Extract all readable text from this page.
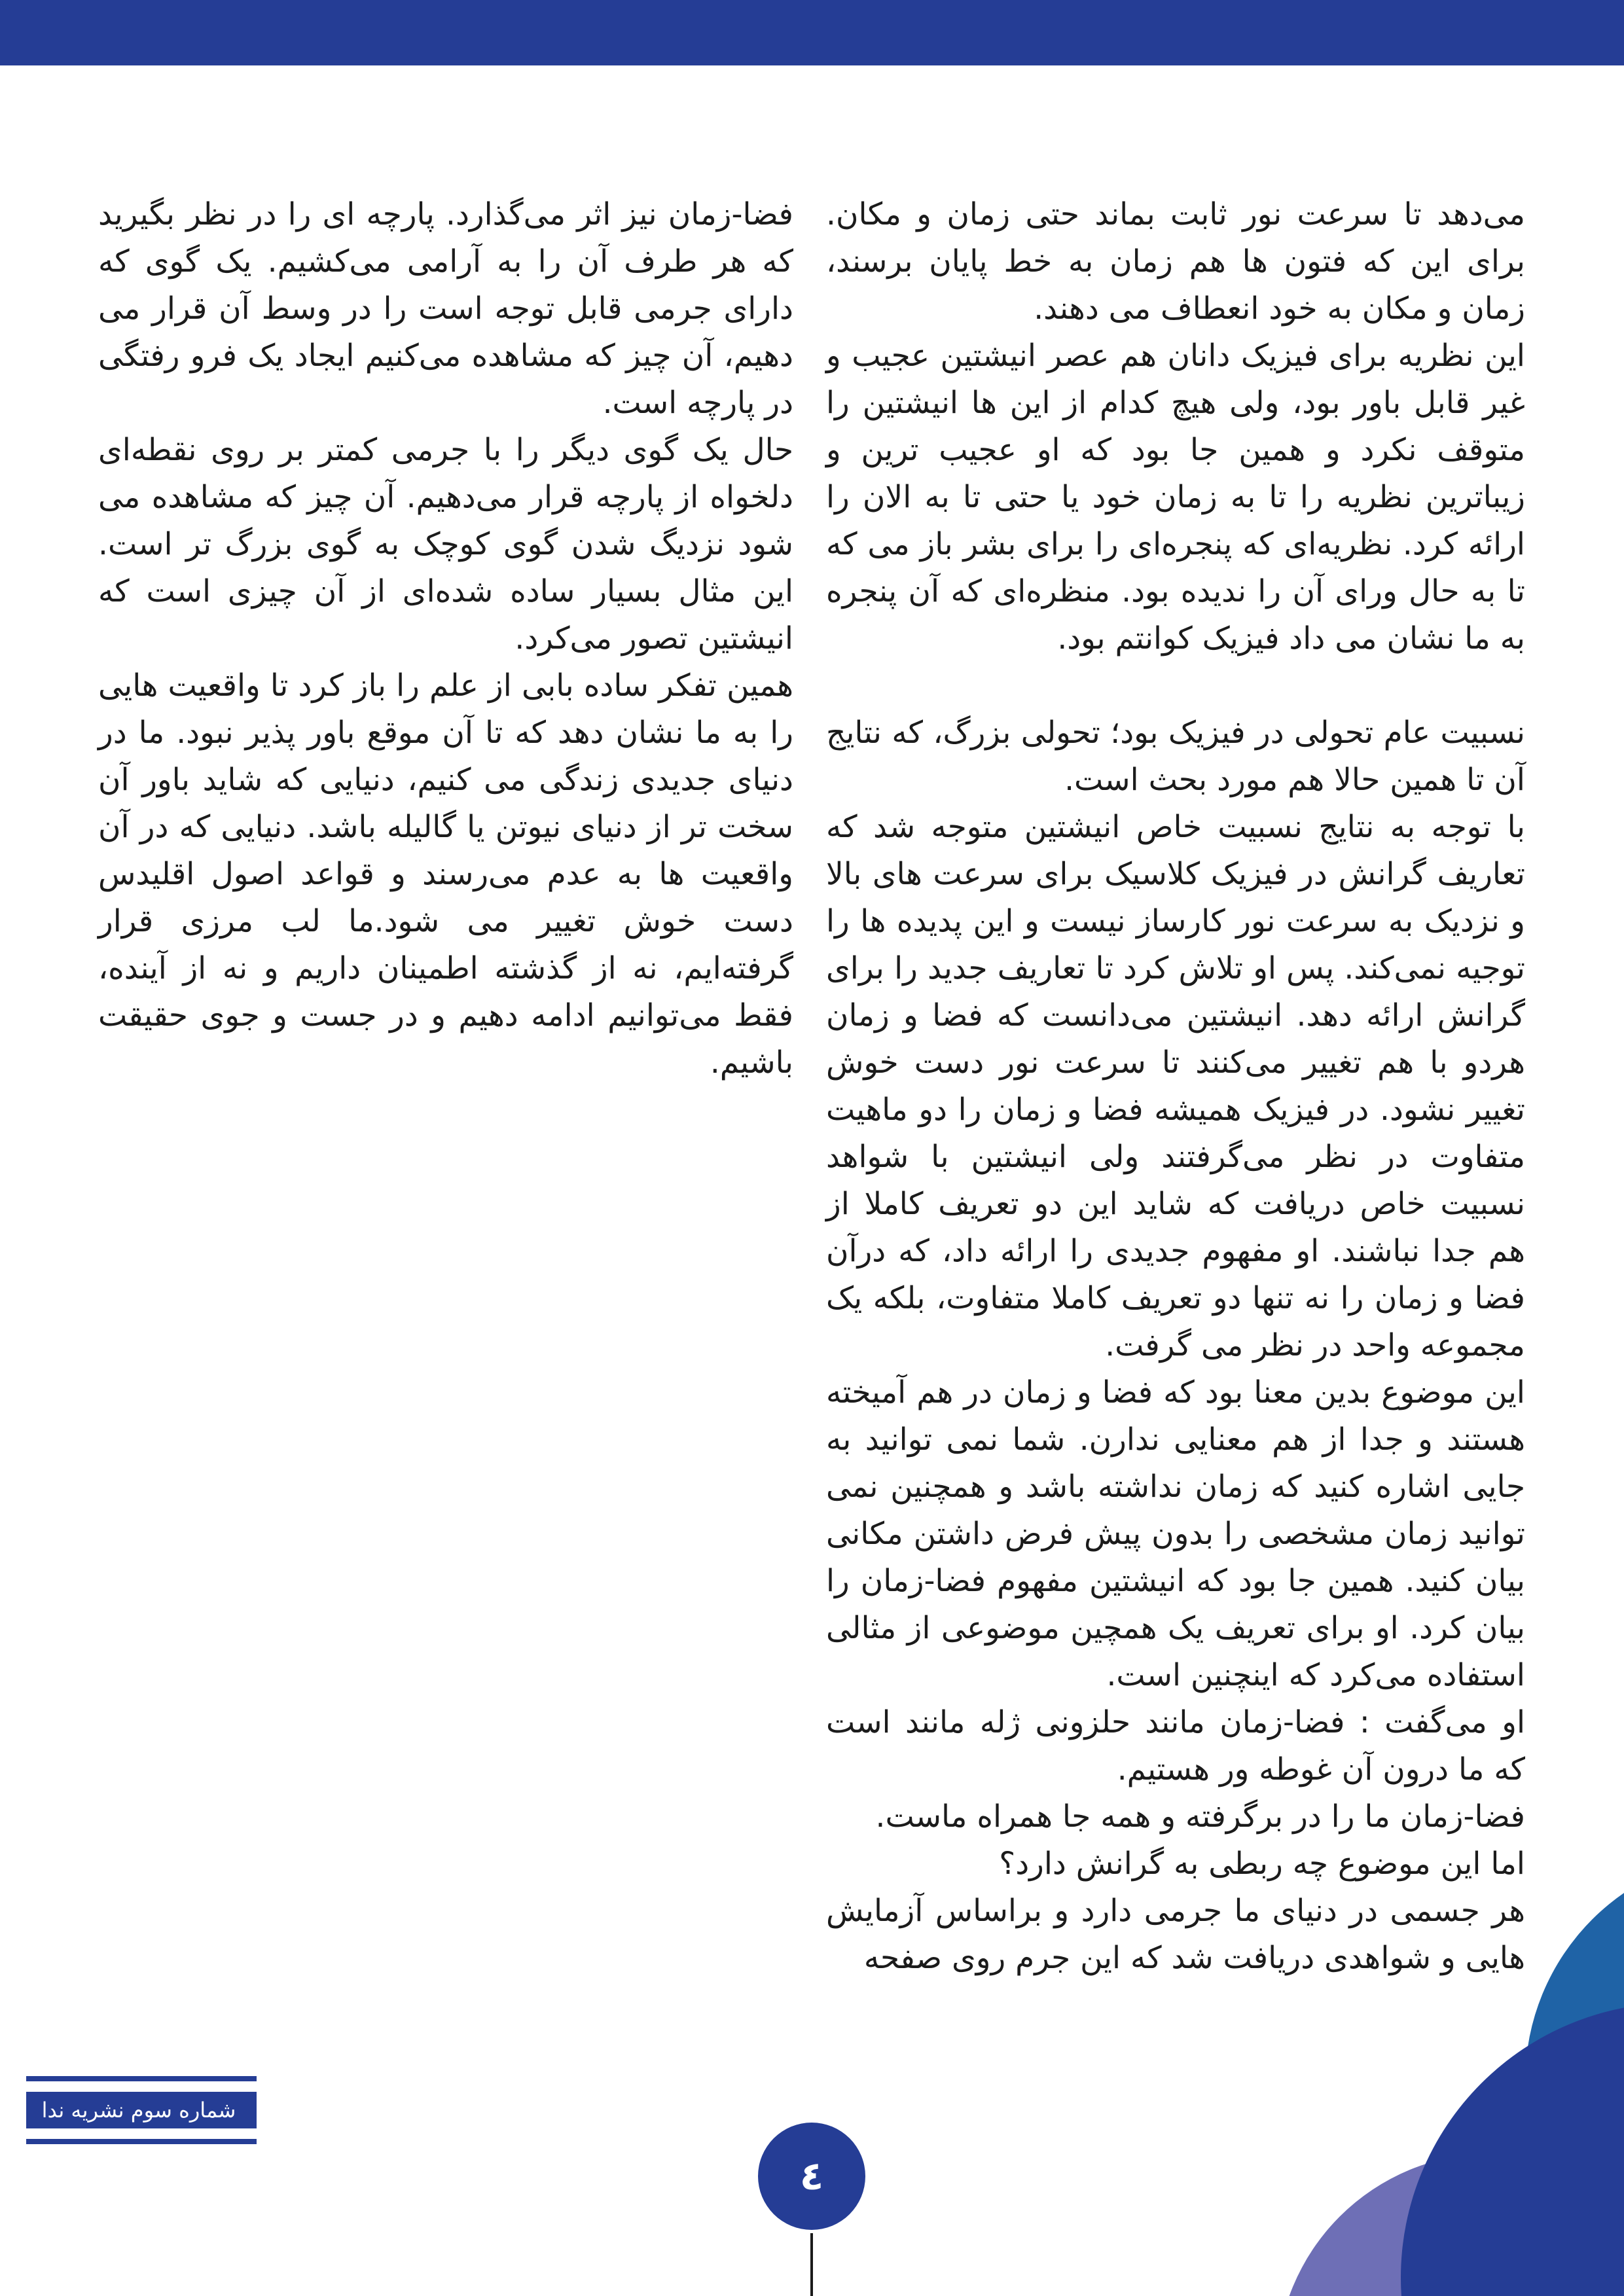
می‌دهد تا سرعت نور ثابت بماند حتی زمان و مکان. برای این که فتون ها هم زمان به خط پایان برسند، زمان و مکان به خود انعطاف می دهند.

این نظریه برای فیزیک دانان هم عصر انیشتین عجیب و غیر قابل باور بود، ولی هیچ کدام از این ها انیشتین را متوقف نکرد و همین جا بود که او عجیب ترین و زیباترین نظریه را تا به زمان خود یا حتی تا به الان را ارائه کرد. نظریه‌ای که پنجره‌ای را برای بشر باز می که تا به حال ورای آن را ندیده بود. منظره‌ای که آن پنجره به ما نشان می داد فیزیک کوانتم بود.

نسبیت عام تحولی در فیزیک بود؛ تحولی بزرگ، که نتایج آن تا همین حالا هم مورد بحث است.

با توجه به نتایج نسبیت خاص انیشتین متوجه شد که تعاریف گرانش در فیزیک کلاسیک برای سرعت های بالا و نزدیک به سرعت نور کارساز نیست و این پدیده ها را توجیه نمی‌کند. پس او تلاش کرد تا تعاریف جدید را برای گرانش ارائه دهد. انیشتین می‌دانست که فضا و زمان هردو با هم تغییر می‌کنند تا سرعت نور دست خوش تغییر نشود. در فیزیک همیشه فضا و زمان را دو ماهیت متفاوت در نظر می‌گرفتند ولی انیشتین با شواهد نسبیت خاص دریافت که شاید این دو تعریف کاملا از هم جدا نباشند. او مفهوم جدیدی را ارائه داد، که درآن فضا و زمان را نه تنها دو تعریف کاملا متفاوت، بلکه یک مجموعه واحد در نظر می گرفت.

این موضوع بدین معنا بود که فضا و زمان در هم آمیخته هستند و جدا از هم معنایی ندارن. شما نمی توانید به جایی اشاره کنید که زمان نداشته باشد و همچنین نمی توانید زمان مشخصی را بدون پیش فرض داشتن مکانی بیان کنید. همین جا بود که انیشتین مفهوم فضا-زمان را بیان کرد. او برای تعریف یک همچین موضوعی از مثالی استفاده می‌کرد که اینچنین است.

او می‌گفت : فضا-زمان مانند حلزونی ژله مانند است که ما درون آن غوطه ور هستیم.

فضا-زمان ما را در برگرفته و همه جا همراه ماست.

اما این موضوع چه ربطی به گرانش دارد؟

هر جسمی در دنیای ما جرمی دارد و براساس آزمایش هایی و شواهدی دریافت شد که این جرم روی صفحه

فضا-زمان نیز اثر می‌گذارد. پارچه ای را در نظر بگیرید که هر طرف آن را به آرامی می‌کشیم. یک گوی که دارای جرمی قابل توجه است را در وسط آن قرار می دهیم، آن چیز که مشاهده می‌کنیم ایجاد یک فرو رفتگی در پارچه است.

حال یک گوی دیگر را با جرمی کمتر بر روی نقطه‌ای دلخواه از پارچه قرار می‌دهیم. آن چیز که مشاهده می شود نزدیگ شدن گوی کوچک به گوی بزرگ تر است. این مثال بسیار ساده شده‌ای از آن چیزی است که انیشتین تصور می‌کرد.

همین تفکر ساده بابی از علم را باز کرد تا واقعیت هایی را به ما نشان دهد که تا آن موقع باور پذیر نبود. ما در دنیای جدیدی زندگی می کنیم، دنیایی که شاید باور آن سخت تر از دنیای نیوتن یا گالیله باشد. دنیایی که در آن واقعیت ها به عدم می‌رسند و قواعد اصول اقلیدس دست خوش تغییر می شود.ما لب مرزی قرار گرفته‌ایم، نه از گذشته اطمینان داریم و نه از آینده، فقط می‌توانیم ادامه دهیم و در جست و جوی حقیقت باشیم.

شماره سوم نشریه ندا
٤
